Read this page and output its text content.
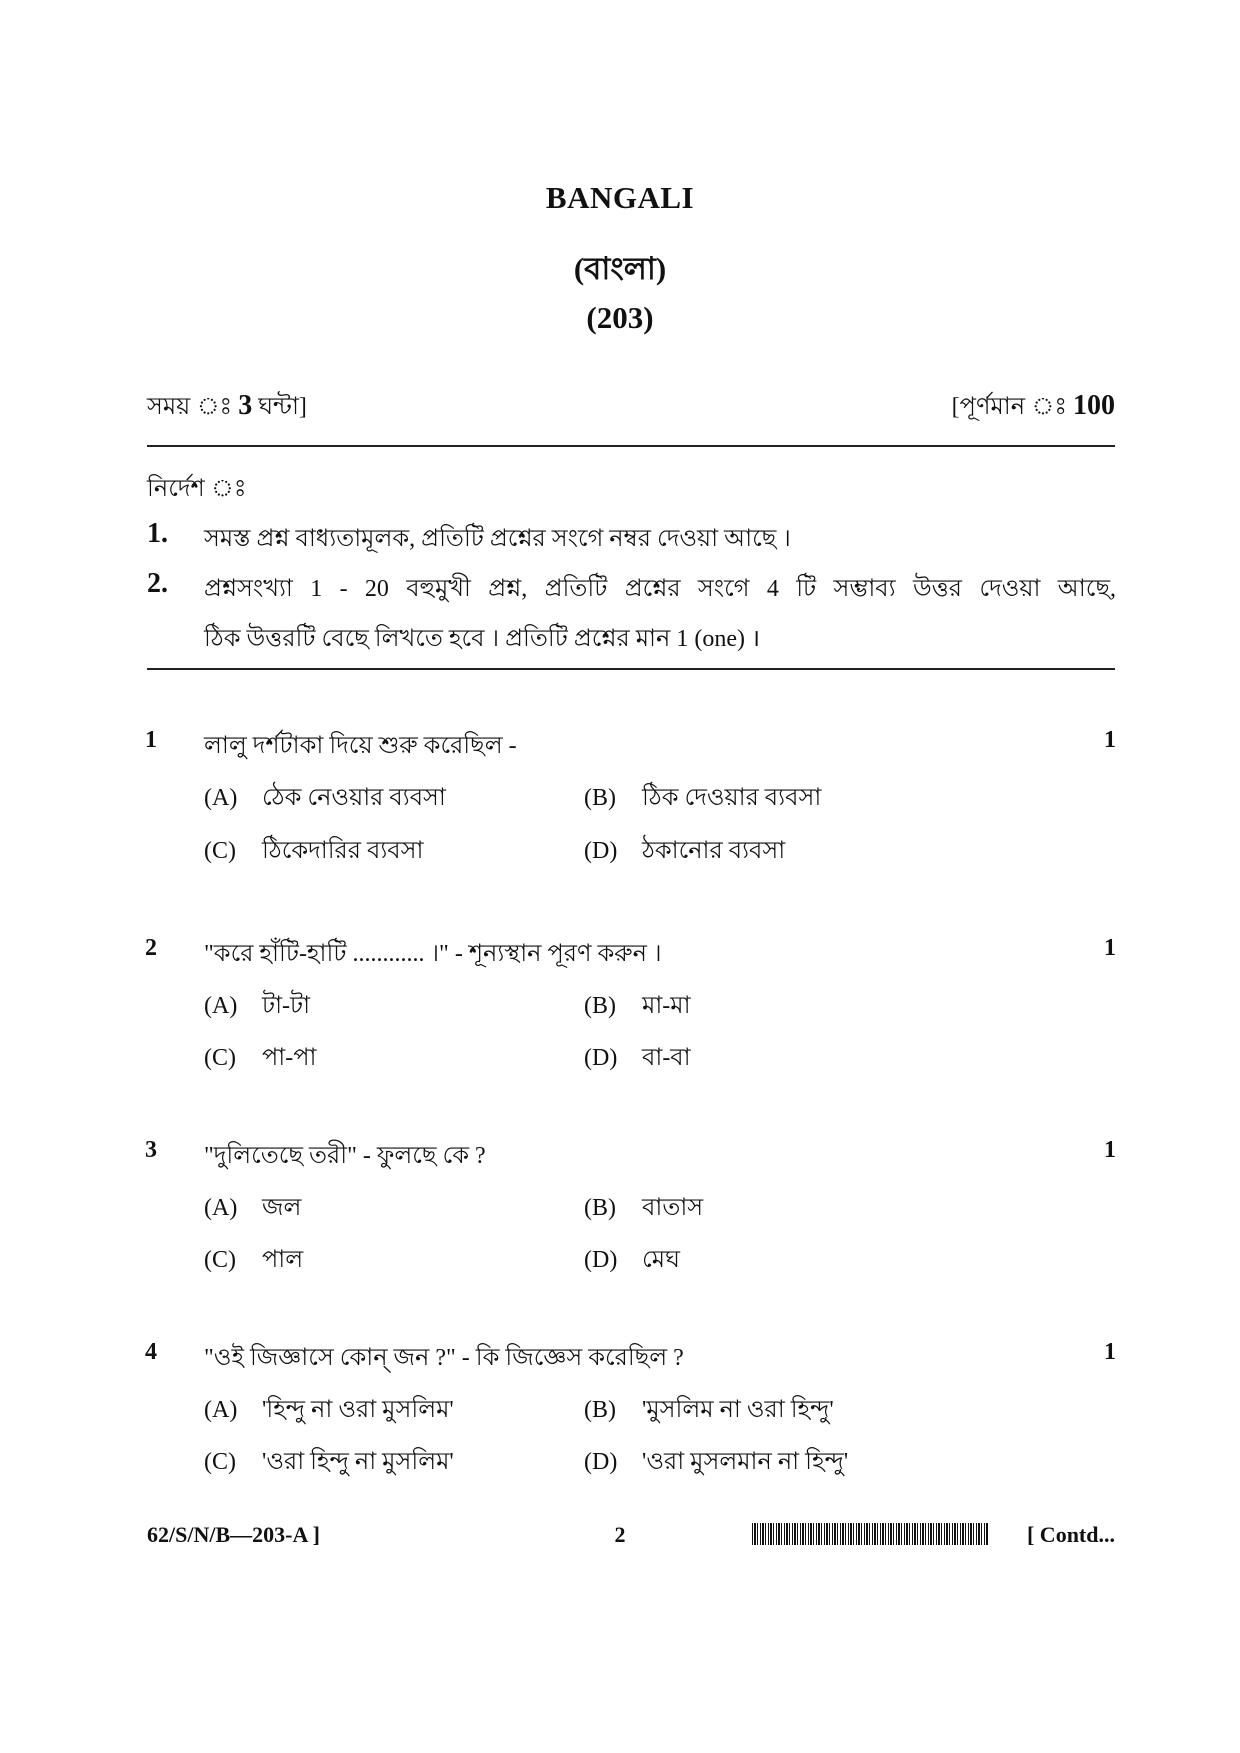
BANGALI
(বাংলা)
(203)
সময় ঃ 3 ঘন্টা]	[পূর্ণমান ঃ 100
নির্দেশ ঃ
1. সমস্ত প্রশ্ন বাধ্যতামূলক, প্রতিটি প্রশ্নের সংগে নম্বর দেওয়া আছে ।
2. প্রশ্নসংখ্যা 1 - 20 বহুমুখী প্রশ্ন, প্রতিটি প্রশ্নের সংগে 4 টি সম্ভাব্য উত্তর দেওয়া আছে,
ঠিক উত্তরটি বেছে লিখতে হবে । প্রতিটি প্রশ্নের মান 1 (one) ।
1 লালু দর্শটাকা দিয়ে শুরু করেছিল -	1
(A) ঠেক নেওয়ার ব্যবসা	(B) ঠিক দেওয়ার ব্যবসা
(C) ঠিকেদারির ব্যবসা	(D) ঠকানোর ব্যবসা
2 "করে হাঁটি-হাটি ............ ।" - শূন্যস্থান পূরণ করুন ।	1
(A) টা-টা	(B) মা-মা
(C) পা-পা	(D) বা-বা
3 "দুলিতেছে তরী" - ফুলছে কে ?	1
(A) জল	(B) বাতাস
(C) পাল	(D) মেঘ
4 "ওই জিজ্ঞাসে কোন্ জন ?" - কি জিজ্ঞেস করেছিল ?	1
(A) 'হিন্দু না ওরা মুসলিম'	(B) 'মুসলিম না ওরা হিন্দু'
(C) 'ওরা হিন্দু না মুসলিম'	(D) 'ওরা মুসলমান না হিন্দু'
62/S/N/B—203-A ]	2	[ Contd...
